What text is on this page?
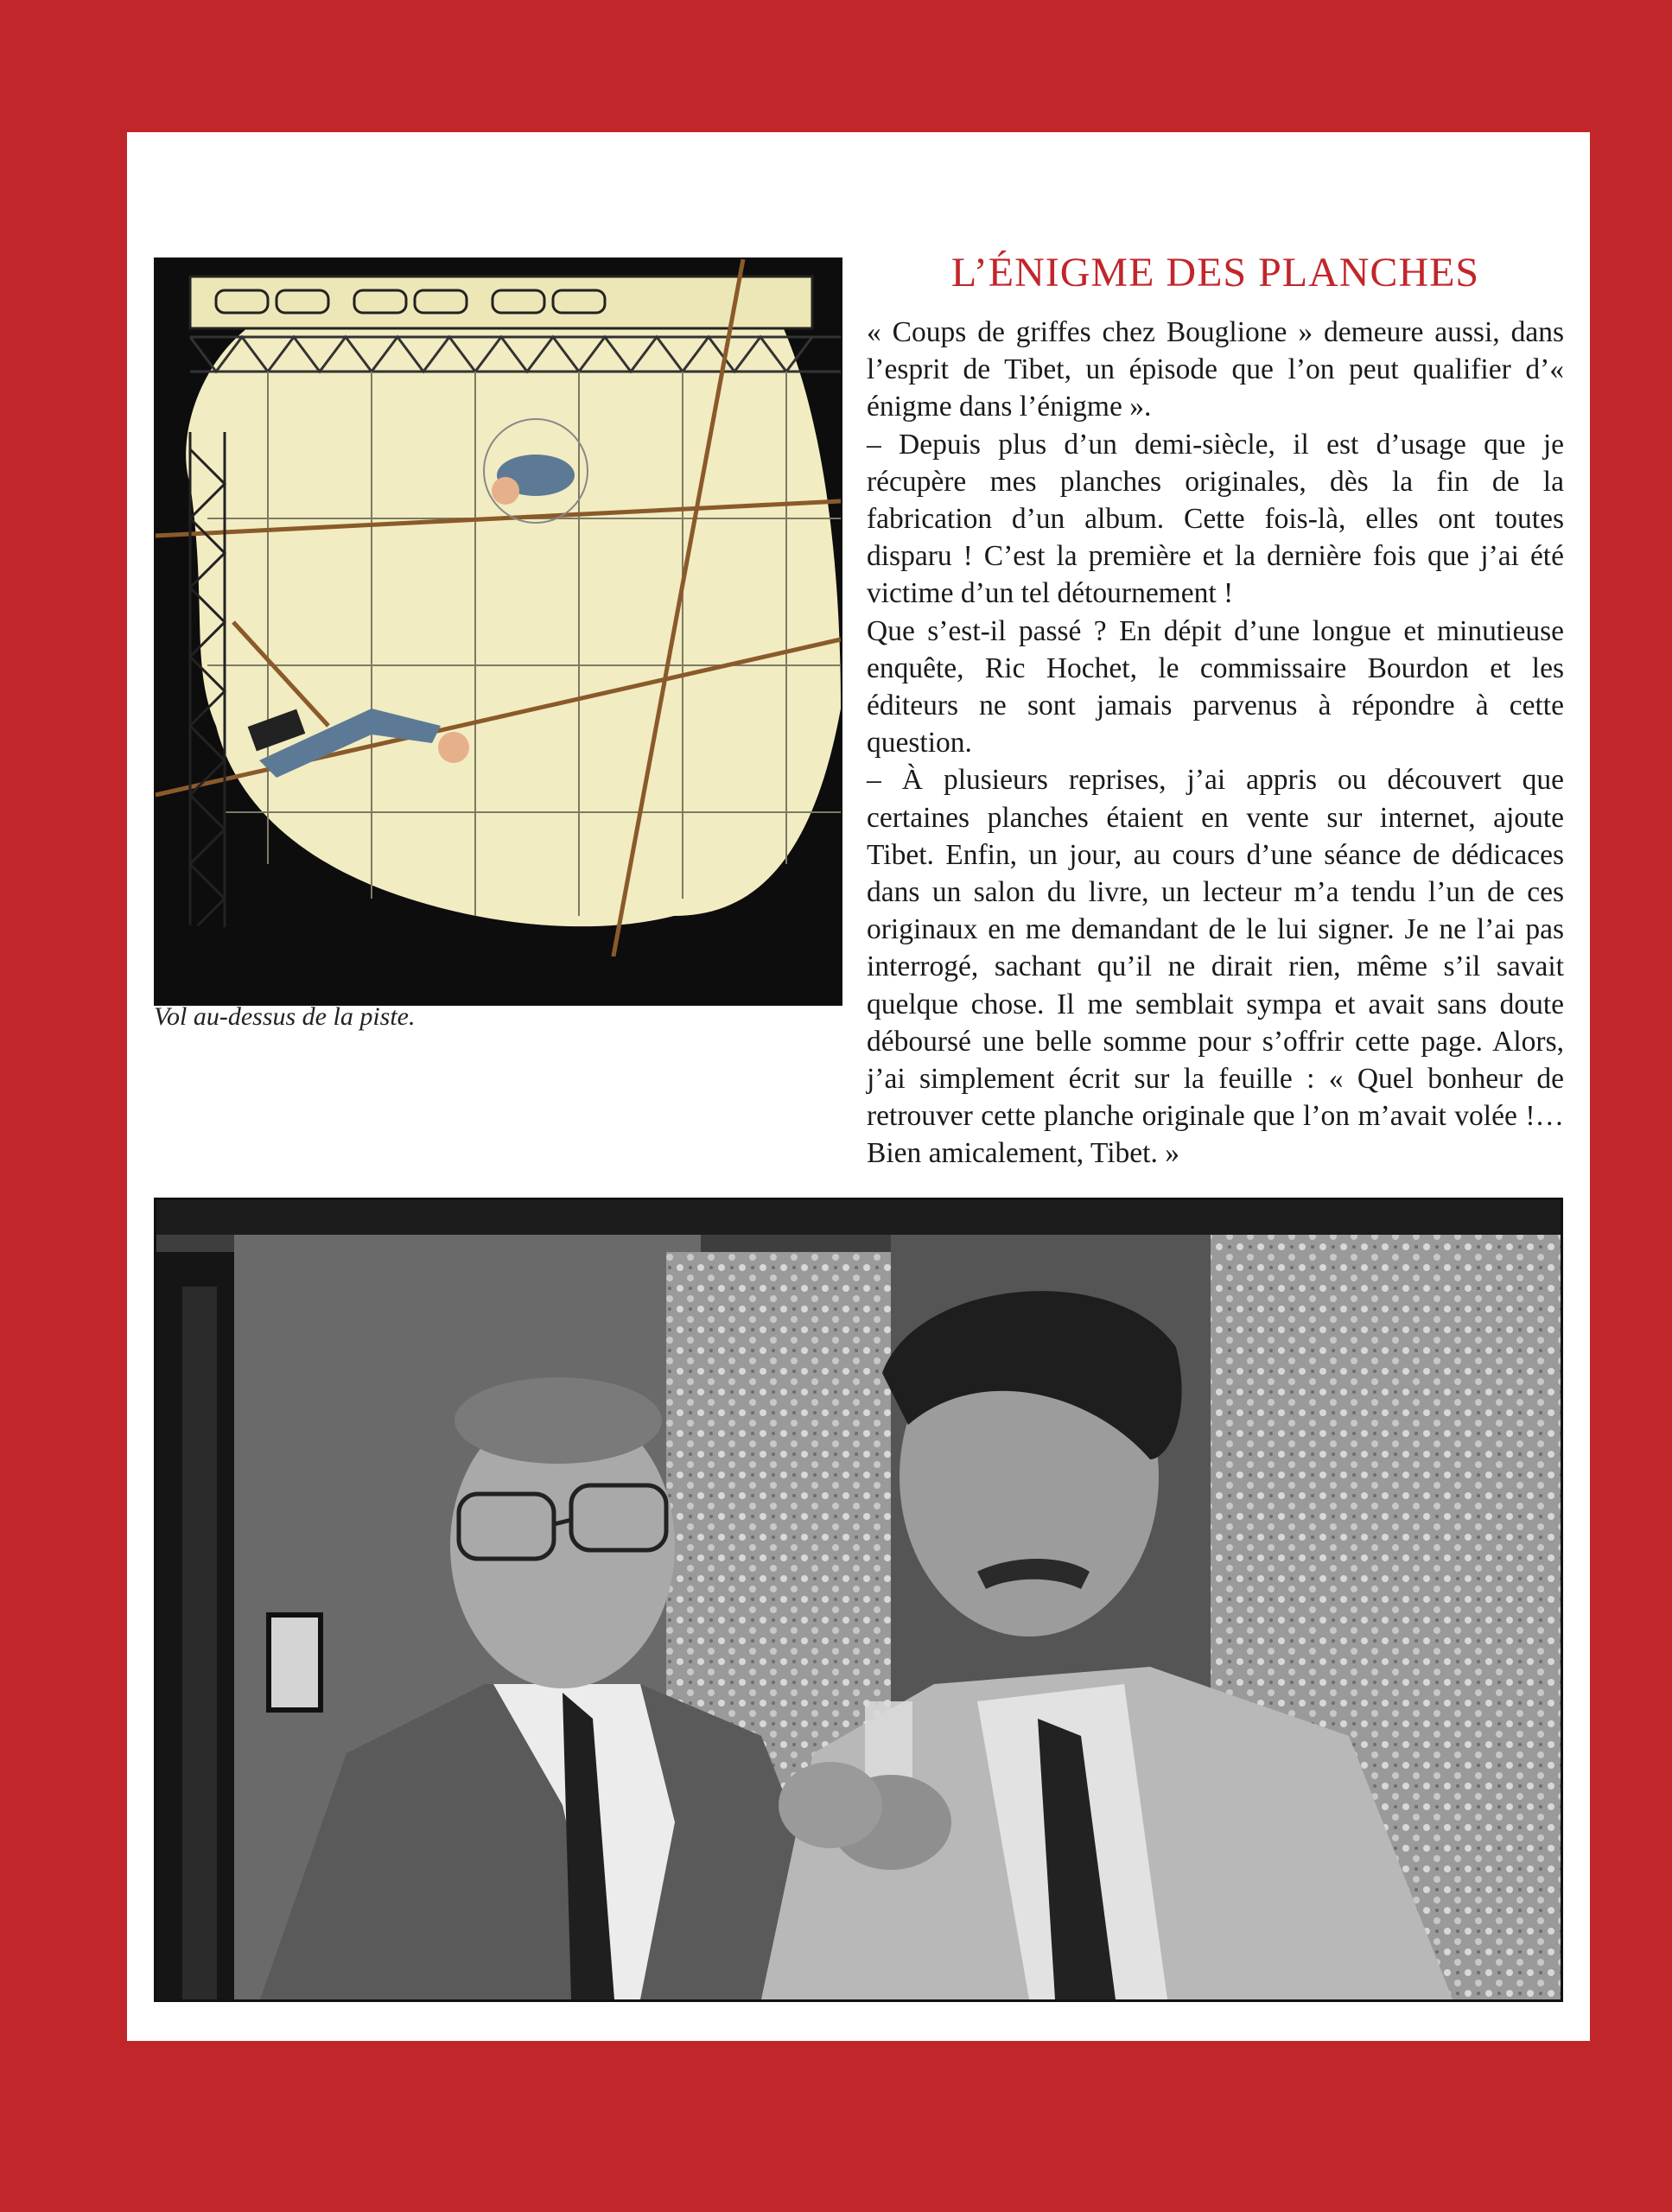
Vol au-dessus de la piste.

L’ÉNIGME DES PLANCHES

« Coups de griffes chez Bouglione » demeure aussi, dans l’esprit de Tibet, un épisode que l’on peut qualifier d’« énigme dans l’énigme ».

– Depuis plus d’un demi-siècle, il est d’usage que je récupère mes planches originales, dès la fin de la fabrication d’un album. Cette fois-là, elles ont toutes disparu ! C’est la première et la dernière fois que j’ai été victime d’un tel détournement !

Que s’est-il passé ? En dépit d’une longue et minutieuse enquête, Ric Hochet, le commissaire Bourdon et les éditeurs ne sont jamais parvenus à répondre à cette question.

– À plusieurs reprises, j’ai appris ou découvert que certaines planches étaient en vente sur internet, ajoute Tibet. Enfin, un jour, au cours d’une séance de dédicaces dans un salon du livre, un lecteur m’a tendu l’un de ces originaux en me demandant de le lui signer. Je ne l’ai pas interrogé, sachant qu’il ne dirait rien, même s’il savait quelque chose. Il me semblait sympa et avait sans doute déboursé une belle somme pour s’offrir cette page. Alors, j’ai simplement écrit sur la feuille : « Quel bonheur de retrouver cette planche originale que l’on m’avait volée !… Bien amicalement, Tibet. »
